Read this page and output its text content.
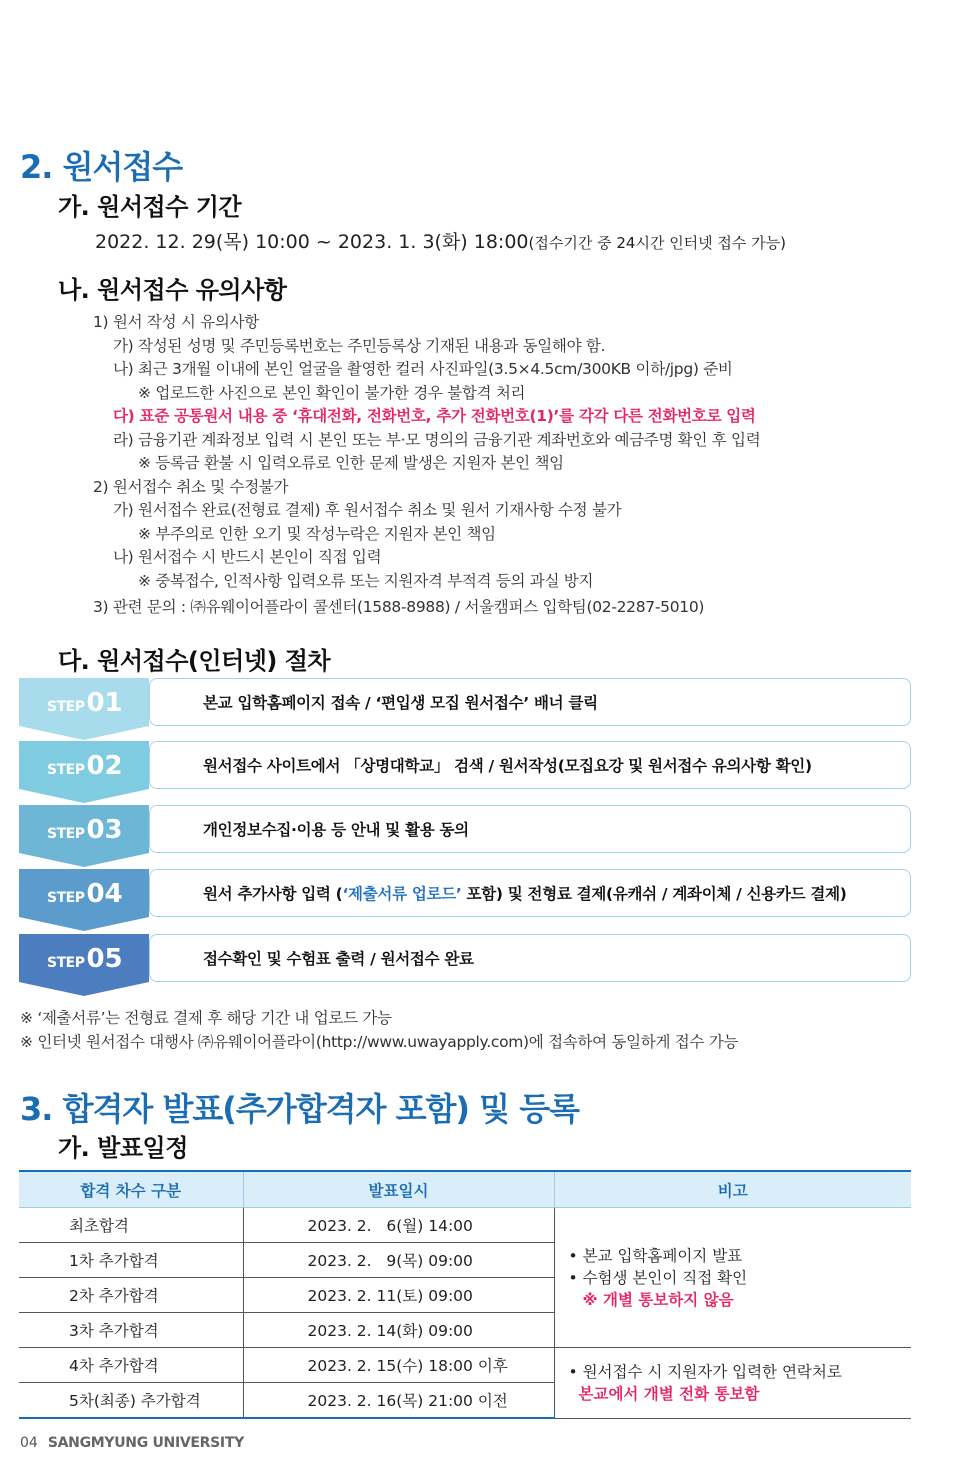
2. 원서접수
가. 원서접수 기간
2022. 12. 29(목) 10:00 ~ 2023. 1. 3(화) 18:00(접수기간 중 24시간 인터넷 접수 가능)
나. 원서접수 유의사항
1) 원서 작성 시 유의사항
가) 작성된 성명 및 주민등록번호는 주민등록상 기재된 내용과 동일해야 함.
나) 최근 3개월 이내에 본인 얼굴을 촬영한 컬러 사진파일(3.5×4.5cm/300KB 이하/jpg) 준비
※ 업로드한 사진으로 본인 확인이 불가한 경우 불합격 처리
다) 표준 공통원서 내용 중 ‘휴대전화, 전화번호, 추가 전화번호(1)’를 각각 다른 전화번호로 입력
라) 금융기관 계좌정보 입력 시 본인 또는 부·모 명의의 금융기관 계좌번호와 예금주명 확인 후 입력
※ 등록금 환불 시 입력오류로 인한 문제 발생은 지원자 본인 책임
2) 원서접수 취소 및 수정불가
가) 원서접수 완료(전형료 결제) 후 원서접수 취소 및 원서 기재사항 수정 불가
※ 부주의로 인한 오기 및 작성누락은 지원자 본인 책임
나) 원서접수 시 반드시 본인이 직접 입력
※ 중복접수, 인적사항 입력오류 또는 지원자격 부적격 등의 과실 방지
3) 관련 문의 : ㈜유웨이어플라이 콜센터(1588-8988) / 서울캠퍼스 입학팀(02-2287-5010)
다. 원서접수(인터넷) 절차
STEP01	본교 입학홈페이지 접속 / ‘편입생 모집 원서접수’ 배너 클릭
STEP02	원서접수 사이트에서 「상명대학교」 검색 / 원서작성(모집요강 및 원서접수 유의사항 확인)
STEP03	개인정보수집·이용 등 안내 및 활용 동의
STEP04	원서 추가사항 입력 (‘제출서류 업로드’ 포함) 및 전형료 결제(유캐쉬 / 계좌이체 / 신용카드 결제)
STEP05	접수확인 및 수험표 출력 / 원서접수 완료
※ ‘제출서류’는 전형료 결제 후 해당 기간 내 업로드 가능
※ 인터넷 원서접수 대행사 ㈜유웨이어플라이(http://www.uwayapply.com)에 접속하여 동일하게 접수 가능
3. 합격자 발표(추가합격자 포함) 및 등록
가. 발표일정
합격 차수 구분	발표일시	비고
최초합격	2023. 2.   6(월) 14:00	• 본교 입학홈페이지 발표
• 수험생 본인이 직접 확인
※ 개별 통보하지 않음

1차 추가합격	2023. 2.   9(목) 09:00	
2차 추가합격	2023. 2. 11(토) 09:00	
3차 추가합격	2023. 2. 14(화) 09:00	
4차 추가합격	2023. 2. 15(수) 18:00 이후	• 원서접수 시 지원자가 입력한 연락처로
본교에서 개별 전화 통보함

5차(최종) 추가합격	2023. 2. 16(목) 21:00 이전	
04 SANGMYUNG UNIVERSITY
